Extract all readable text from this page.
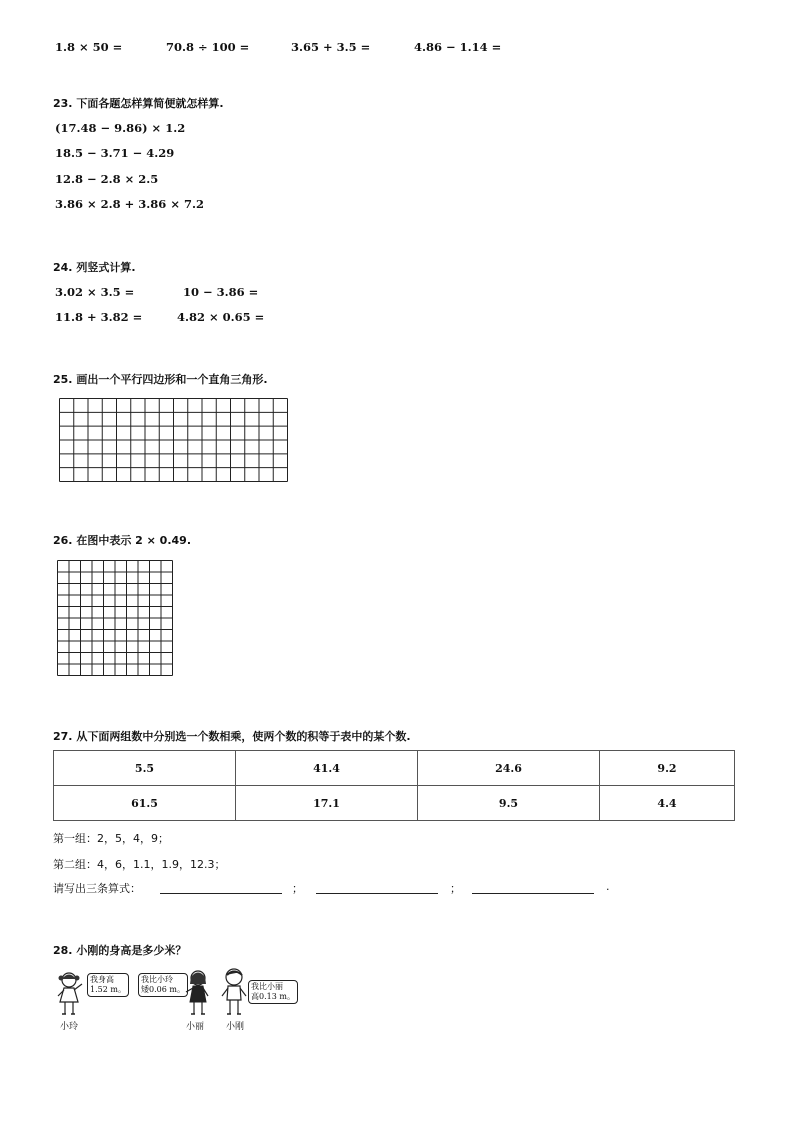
1.8 × 50 =	70.8 ÷ 100 =	3.65 + 3.5 =	4.86 − 1.14 =
23. 下面各题怎样算简便就怎样算.
(17.48 − 9.86) × 1.2
18.5 − 3.71 − 4.29
12.8 − 2.8 × 2.5
3.86 × 2.8 + 3.86 × 7.2
24. 列竖式计算.
3.02 × 3.5 =	10 − 3.86 =
11.8 + 3.82 =	4.82 × 0.65 =
25. 画出一个平行四边形和一个直角三角形.
26. 在图中表示 2 × 0.49.
27. 从下面两组数中分别选一个数相乘，使两个数的积等于表中的某个数.
5.5	41.4	24.6	9.2
61.5	17.1	9.5	4.4
第一组：2，5，4，9；
第二组：4，6，1.1，1.9，12.3；
请写出三条算式：	；	；	.
28. 小刚的身高是多少米？
我身高
1.52 m。
小玲
我比小玲
矮0.06 m。
小丽
我比小丽
高0.13 m。
小刚
